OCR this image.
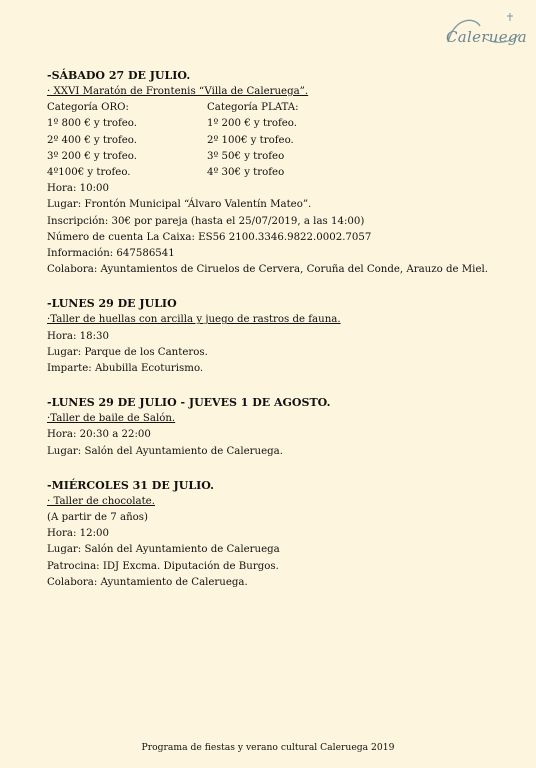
Caleruega
-SÁBADO 27 DE JULIO.
· XXVI Maratón de Frontenis “Villa de Caleruega”.
Categoría ORO:
1º 800 € y trofeo.
2º 400 € y trofeo.
3º 200 € y trofeo.
4º100€ y trofeo.
Categoría PLATA:
1º 200 € y trofeo.
2º 100€ y trofeo.
3º 50€ y trofeo
4º 30€ y trofeo
Hora: 10:00
Lugar: Frontón Municipal “Álvaro Valentín Mateo”.
Inscripción: 30€ por pareja (hasta el 25/07/2019, a las 14:00)
Número de cuenta La Caixa: ES56 2100.3346.9822.0002.7057
Información: 647586541
Colabora: Ayuntamientos de Ciruelos de Cervera, Coruña del Conde, Arauzo de Miel.
-LUNES 29 DE JULIO
·Taller de huellas con arcilla y juego de rastros de fauna.
Hora: 18:30
Lugar: Parque de los Canteros.
Imparte: Abubilla Ecoturismo.
-LUNES 29 DE JULIO - JUEVES 1 DE AGOSTO.
·Taller de baile de Salón.
Hora: 20:30 a 22:00
Lugar: Salón del Ayuntamiento de Caleruega.
-MIÉRCOLES 31 DE JULIO.
· Taller de chocolate.
(A partir de 7 años)
Hora: 12:00
Lugar: Salón del Ayuntamiento de Caleruega
Patrocina: IDJ Excma. Diputación de Burgos.
Colabora: Ayuntamiento de Caleruega.
Programa de fiestas y verano cultural Caleruega 2019
